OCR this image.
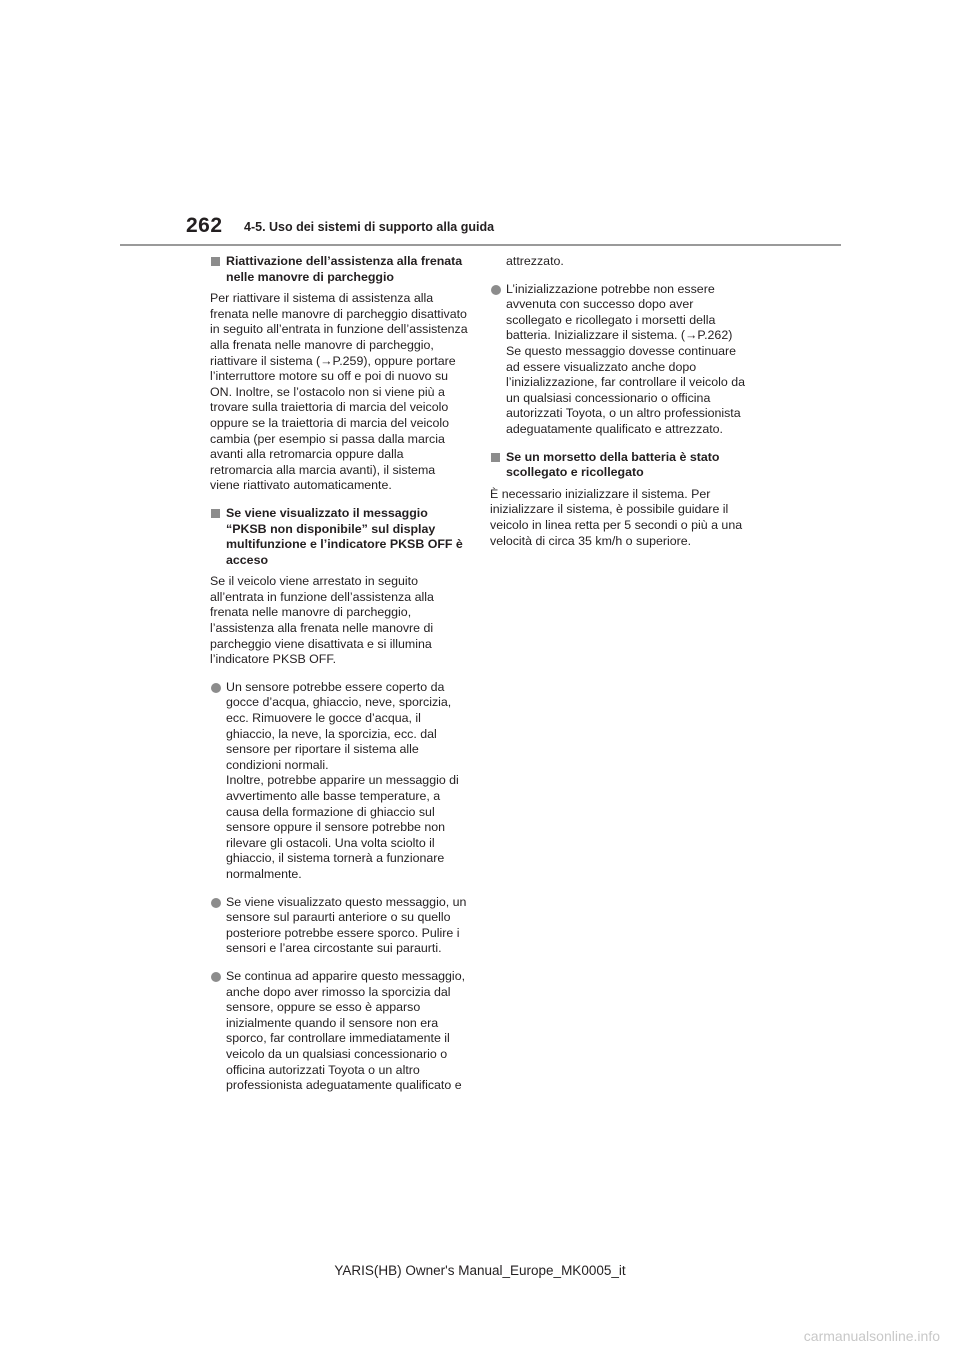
262 4-5. Uso dei sistemi di supporto alla guida
Riattivazione dell’assistenza alla frenata nelle manovre di parcheggio

Per riattivare il sistema di assistenza alla frenata nelle manovre di parcheggio disattivato in seguito all’entrata in funzione dell’assistenza alla frenata nelle manovre di parcheggio, riattivare il sistema (→P.259), oppure portare l’interruttore motore su off e poi di nuovo su ON. Inoltre, se l’ostacolo non si viene più a trovare sulla traiettoria di marcia del veicolo oppure se la traiettoria di marcia del veicolo cambia (per esempio si passa dalla marcia avanti alla retromarcia oppure dalla retromarcia alla marcia avanti), il sistema viene riattivato automaticamente.

Se viene visualizzato il messaggio “PKSB non disponibile” sul display multifunzione e l’indicatore PKSB OFF è acceso

Se il veicolo viene arrestato in seguito all’entrata in funzione dell’assistenza alla frenata nelle manovre di parcheggio, l’assistenza alla frenata nelle manovre di parcheggio viene disattivata e si illumina l’indicatore PKSB OFF.

Un sensore potrebbe essere coperto da gocce d’acqua, ghiaccio, neve, sporcizia, ecc. Rimuovere le gocce d’acqua, il ghiaccio, la neve, la sporcizia, ecc. dal sensore per riportare il sistema alle condizioni normali.

Inoltre, potrebbe apparire un messaggio di avvertimento alle basse temperature, a causa della formazione di ghiaccio sul sensore oppure il sensore potrebbe non rilevare gli ostacoli. Una volta sciolto il ghiaccio, il sistema tornerà a funzionare normalmente.

Se viene visualizzato questo messaggio, un sensore sul paraurti anteriore o su quello posteriore potrebbe essere sporco. Pulire i sensori e l’area circostante sui paraurti.
Se continua ad apparire questo messaggio, anche dopo aver rimosso la sporcizia dal sensore, oppure se esso è apparso inizialmente quando il sensore non era sporco, far controllare immediatamente il veicolo da un qualsiasi concessionario o officina autorizzati Toyota o un altro professionista adeguatamente qualificato e

attrezzato.

L’inizializzazione potrebbe non essere avvenuta con successo dopo aver scollegato e ricollegato i morsetti della batteria. Inizializzare il sistema. (→P.262)

Se questo messaggio dovesse continuare ad essere visualizzato anche dopo l’inizializzazione, far controllare il veicolo da un qualsiasi concessionario o officina autorizzati Toyota, o un altro professionista adeguatamente qualificato e attrezzato.

Se un morsetto della batteria è stato scollegato e ricollegato

È necessario inizializzare il sistema. Per inizializzare il sistema, è possibile guidare il veicolo in linea retta per 5 secondi o più a una velocità di circa 35 km/h o superiore.

YARIS(HB) Owner's Manual_Europe_MK0005_it
carmanualsonline.info
